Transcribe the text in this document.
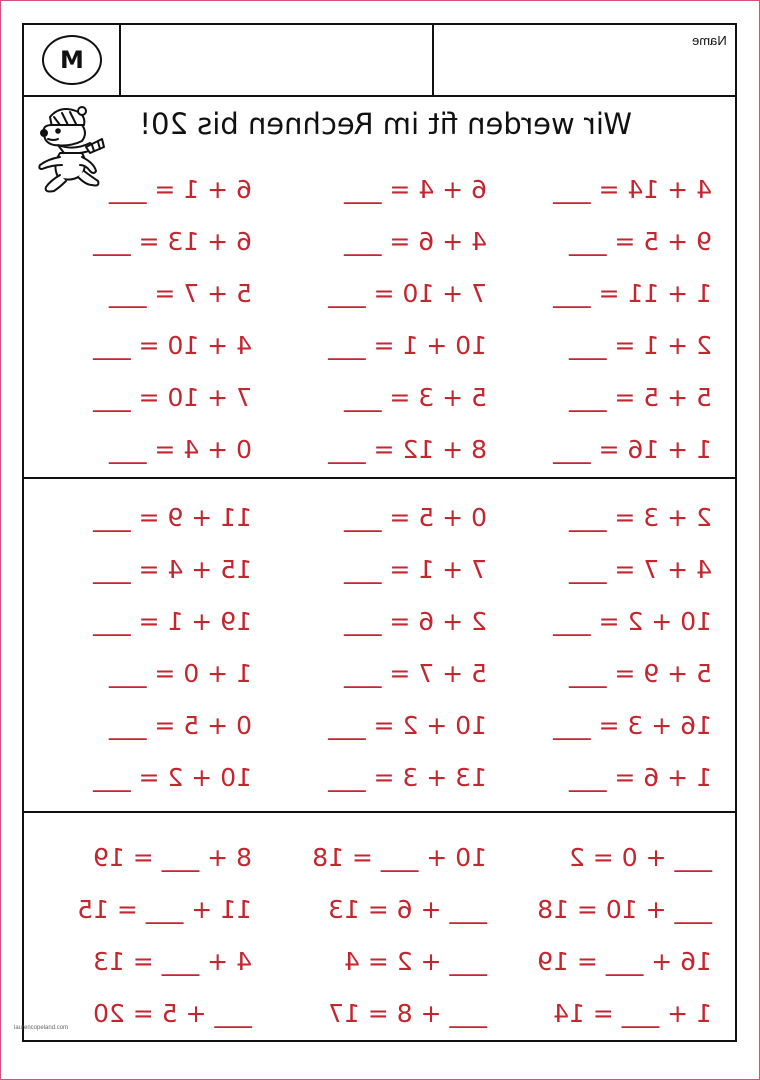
M
Name
Wir werden fit im Rechnen bis 20!
4 + 14 = ___
6 + 4 = ___
6 + 1 = ___
9 + 5 = ___
4 + 6 = ___
6 + 13 = ___
1 + 11 = ___
7 + 10 = ___
5 + 7 = ___
2 + 1 = ___
10 + 1 = ___
4 + 10 = ___
5 + 5 = ___
5 + 3 = ___
7 + 10 = ___
1 + 16 = ___
8 + 12 = ___
0 + 4 = ___
2 + 3 = ___
0 + 5 = ___
11 + 9 = ___
4 + 7 = ___
7 + 1 = ___
15 + 4 = ___
10 + 2 = ___
2 + 6 = ___
19 + 1 = ___
5 + 9 = ___
5 + 7 = ___
1 + 0 = ___
16 + 3 = ___
10 + 2 = ___
0 + 5 = ___
1 + 6 = ___
13 + 3 = ___
10 + 2 = ___
___ + 0 = 2
10 + ___ = 18
8 + ___ = 19
___ + 10 = 18
___ + 6 = 13
11 + ___ = 15
16 + ___ = 19
___ + 2 = 4
4 + ___ = 13
1 + ___ = 14
___ + 8 = 17
___ + 5 = 20
laurencopeland.com
